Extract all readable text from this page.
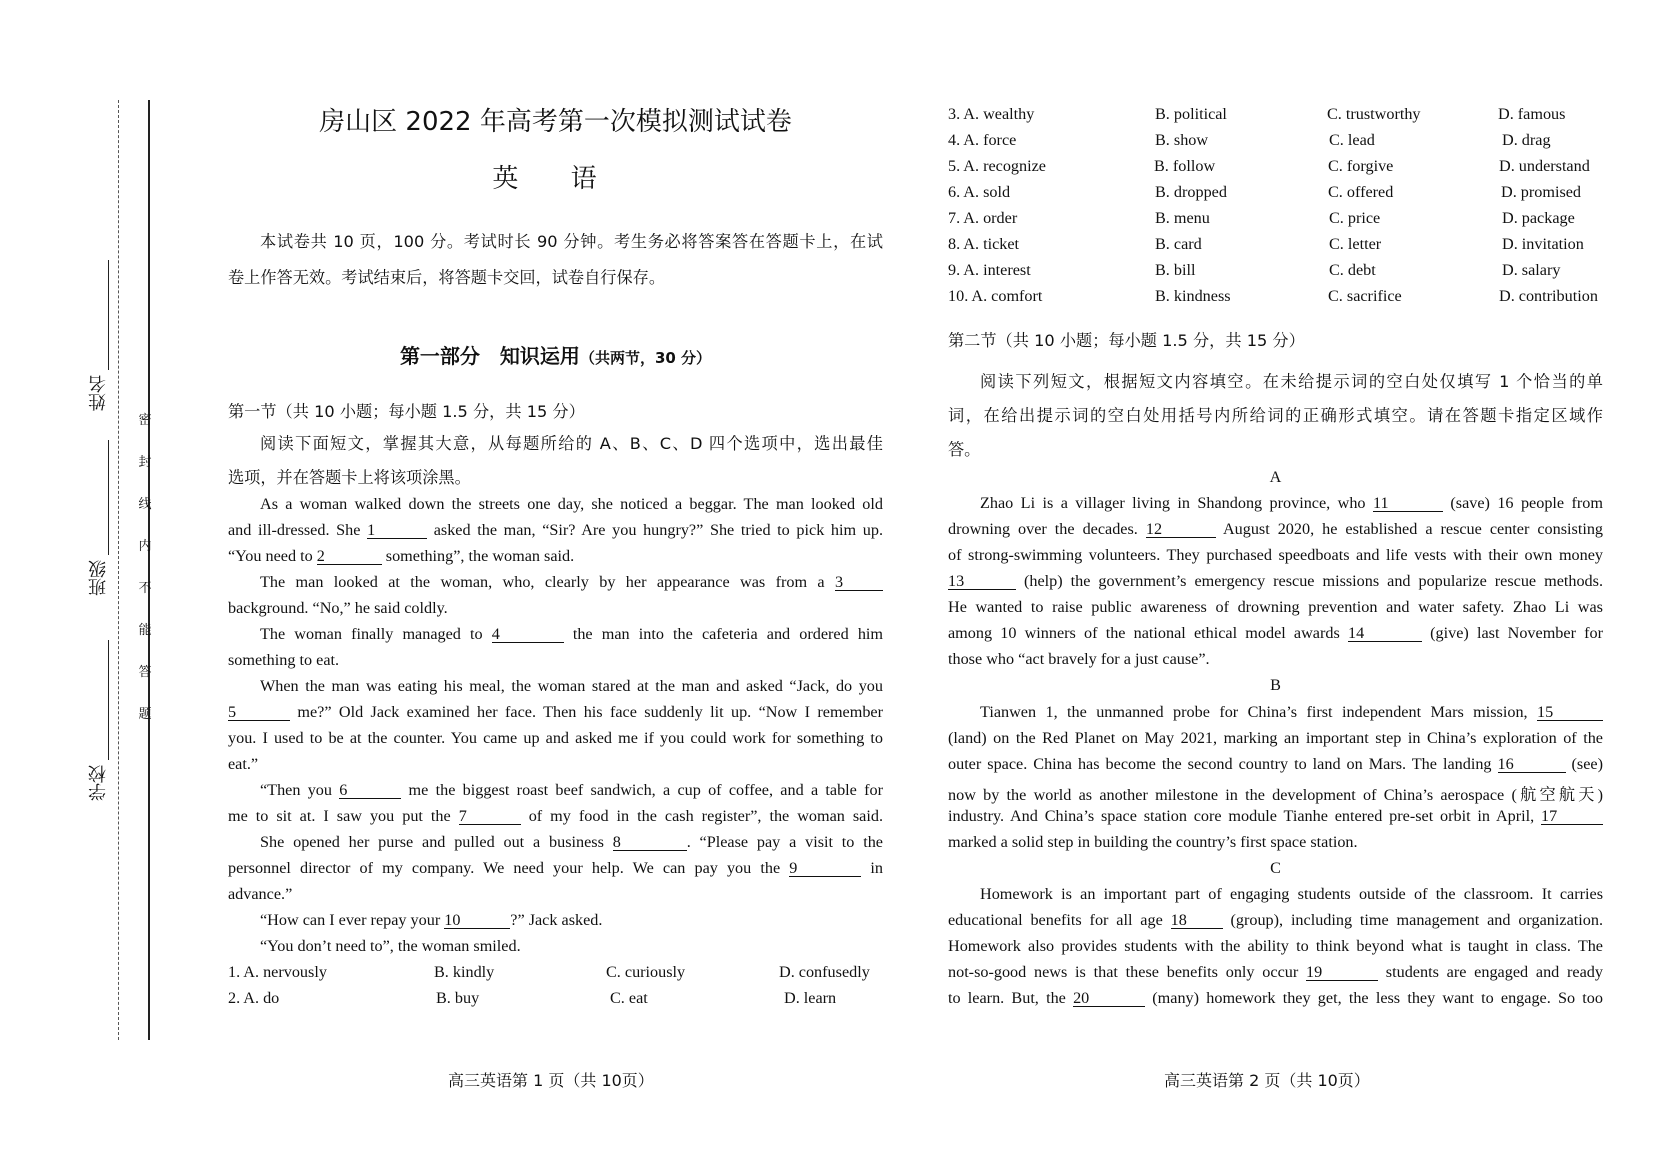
学校
班级
姓名
密
封
线
内
不
能
答
题
房山区 2022 年高考第一次模拟测试试卷
英 语
本试卷共 10 页，100 分。考试时长 90 分钟。考生务必将答案答在答题卡上，在试
卷上作答无效。考试结束后，将答题卡交回，试卷自行保存。
第一部分　知识运用（共两节，30 分）
第一节（共 10 小题；每小题 1.5 分，共 15 分）
阅读下面短文，掌握其大意，从每题所给的 A、B、C、D 四个选项中，选出最佳
选项，并在答题卡上将该项涂黑。
As a woman walked down the streets one day, she noticed a beggar. The man looked old
and ill-dressed. She 1	asked the man, “Sir? Are you hungry?” She tried to pick him up.
“You need to 2	something”, the woman said.
The man looked at the woman, who, clearly by her appearance was from a 3
background. “No,” he said coldly.
The woman finally managed to 4	the man into the cafeteria and ordered him
something to eat.
When the man was eating his meal, the woman stared at the man and asked “Jack, do you
5	me?” Old Jack examined her face. Then his face suddenly lit up. “Now I remember
you. I used to be at the counter. You came up and asked me if you could work for something to
eat.”
“Then you 6	me the biggest roast beef sandwich, a cup of coffee, and a table for
me to sit at. I saw you put the 7	of my food in the cash register”, the woman said.
She opened her purse and pulled out a business 8	. “Please pay a visit to the
personnel director of my company. We need your help. We can pay you the 9	in
advance.”
“How can I ever repay your 10	?” Jack asked.
“You don’t need to”, the woman smiled.
1. A. nervously	B. kindly	C. curiously	D. confusedly
2. A. do	B. buy	C. eat	D. learn
高三英语第 1 页（共 10页）
3. A. wealthy	B. political	C. trustworthy	D. famous
4. A. force	B. show	C. lead	D. drag
5. A. recognize	B. follow	C. forgive	D. understand
6. A. sold	B. dropped	C. offered	D. promised
7. A. order	B. menu	C. price	D. package
8. A. ticket	B. card	C. letter	D. invitation
9. A. interest	B. bill	C. debt	D. salary
10. A. comfort	B. kindness	C. sacrifice	D. contribution
第二节（共 10 小题；每小题 1.5 分，共 15 分）
阅读下列短文，根据短文内容填空。在未给提示词的空白处仅填写 1 个恰当的单
词，在给出提示词的空白处用括号内所给词的正确形式填空。请在答题卡指定区域作
答。
A
Zhao Li is a villager living in Shandong province, who 11	(save) 16 people from
drowning over the decades. 12	August 2020, he established a rescue center consisting
of strong-swimming volunteers. They purchased speedboats and life vests with their own money
13	(help) the government’s emergency rescue missions and popularize rescue methods.
He wanted to raise public awareness of drowning prevention and water safety. Zhao Li was
among 10 winners of the national ethical model awards 14	(give) last November for
those who “act bravely for a just cause”.
B
Tianwen 1, the unmanned probe for China’s first independent Mars mission, 15
(land) on the Red Planet on May 2021, marking an important step in China’s exploration of the
outer space. China has become the second country to land on Mars. The landing 16	(see)
now by the world as another milestone in the development of China’s aerospace (航空航天)
industry. And China’s space station core module Tianhe entered pre-set orbit in April, 17
marked a solid step in building the country’s first space station.
C
Homework is an important part of engaging students outside of the classroom. It carries
educational benefits for all age 18 (group), including time management and organization.
Homework also provides students with the ability to think beyond what is taught in class. The
not-so-good news is that these benefits only occur 19	students are engaged and ready
to learn. But, the 20	(many) homework they get, the less they want to engage. So too
高三英语第 2 页（共 10页）
